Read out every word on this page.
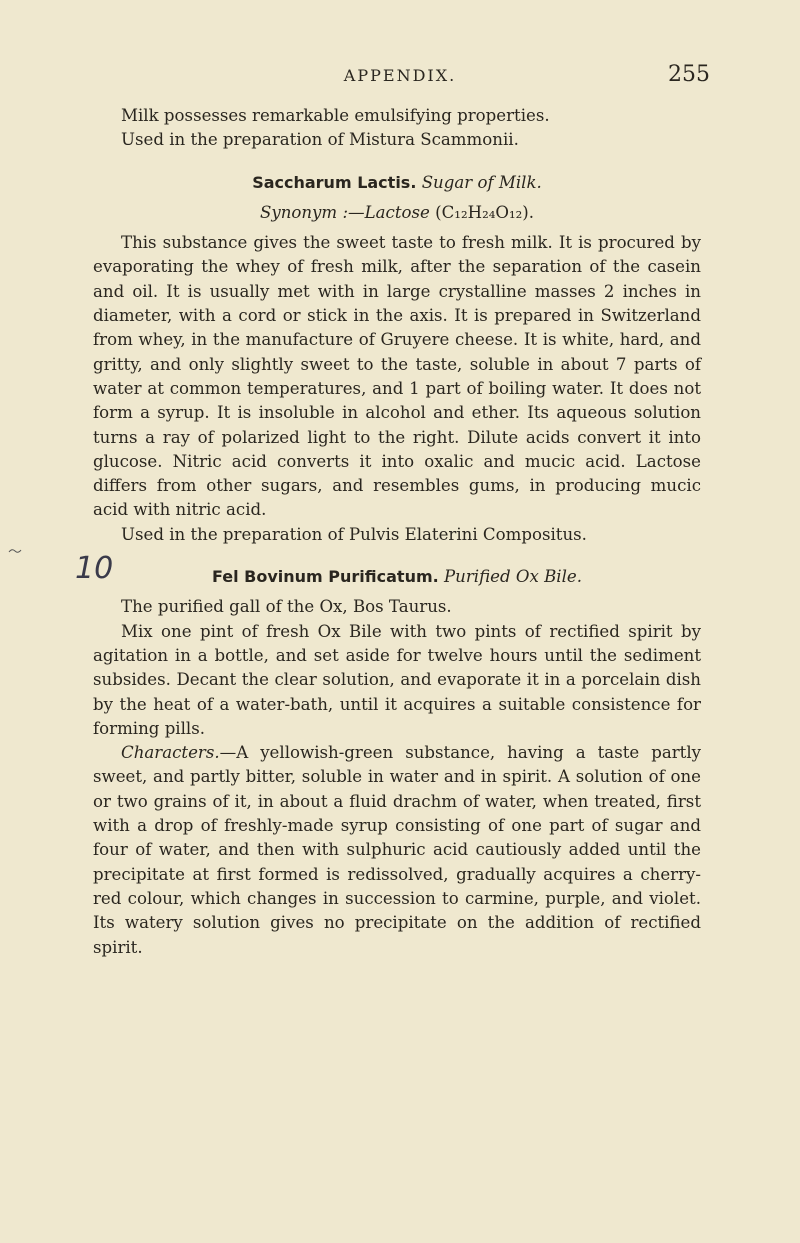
APPENDIX.	255

Milk possesses remarkable emulsifying properties.

Used in the preparation of Mistura Scammonii.

Saccharum Lactis. Sugar of Milk.

Synonym :—Lactose (C₁₂H₂₄O₁₂).

This substance gives the sweet taste to fresh milk. It is procured by evaporating the whey of fresh milk, after the separation of the casein and oil. It is usually met with in large crystalline masses 2 inches in diameter, with a cord or stick in the axis. It is prepared in Switzerland from whey, in the manufacture of Gruyere cheese. It is white, hard, and gritty, and only slightly sweet to the taste, soluble in about 7 parts of water at common temperatures, and 1 part of boiling water. It does not form a syrup. It is insoluble in alcohol and ether. Its aqueous solution turns a ray of polarized light to the right. Dilute acids convert it into glucose. Nitric acid converts it into oxalic and mucic acid. Lactose differs from other sugars, and resembles gums, in producing mucic acid with nitric acid.

Used in the preparation of Pulvis Elaterini Compositus.

10	Fel Bovinum Purificatum. Purified Ox Bile.

The purified gall of the Ox, Bos Taurus.

Mix one pint of fresh Ox Bile with two pints of rectified spirit by agitation in a bottle, and set aside for twelve hours until the sediment subsides. Decant the clear solution, and evaporate it in a porcelain dish by the heat of a water-bath, until it acquires a suitable consistence for forming pills.

Characters.—A yellowish-green substance, having a taste partly sweet, and partly bitter, soluble in water and in spirit. A solution of one or two grains of it, in about a fluid drachm of water, when treated, first with a drop of freshly-made syrup consisting of one part of sugar and four of water, and then with sulphuric acid cautiously added until the precipitate at first formed is redissolved, gradually acquires a cherry-red colour, which changes in succession to carmine, purple, and violet. Its watery solution gives no precipitate on the addition of rectified spirit.
